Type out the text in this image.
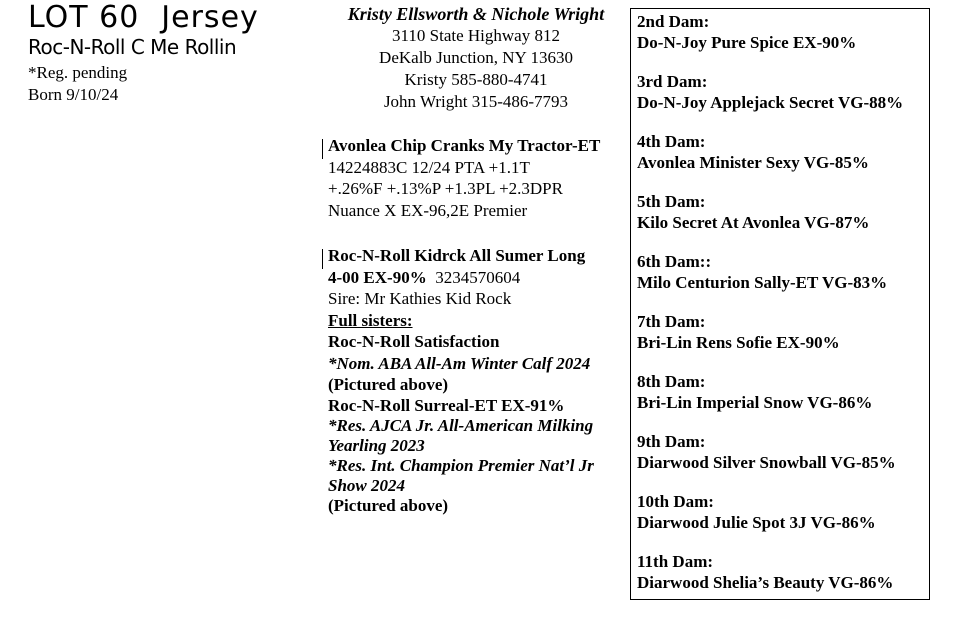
LOT 60 Jersey
Roc-N-Roll C Me Rollin
*Reg. pending
Born 9/10/24
Kristy Ellsworth & Nichole Wright
3110 State Highway 812
DeKalb Junction, NY 13630
Kristy 585-880-4741
John Wright 315-486-7793
Avonlea Chip Cranks My Tractor-ET
14224883C 12/24 PTA +1.1T
+.26%F +.13%P +1.3PL +2.3DPR
Nuance X EX-96,2E Premier
Roc-N-Roll Kidrck All Sumer Long
4-00 EX-90% 3234570604
Sire: Mr Kathies Kid Rock
Full sisters:
Roc-N-Roll Satisfaction
*Nom. ABA All-Am Winter Calf 2024
(Pictured above)
Roc-N-Roll Surreal-ET EX-91%
*Res. AJCA Jr. All-American Milking
Yearling 2023
*Res. Int. Champion Premier Nat’l Jr
Show 2024
(Pictured above)
2nd Dam:
Do-N-Joy Pure Spice EX-90%
3rd Dam:
Do-N-Joy Applejack Secret VG-88%
4th Dam:
Avonlea Minister Sexy VG-85%
5th Dam:
Kilo Secret At Avonlea VG-87%
6th Dam::
Milo Centurion Sally-ET VG-83%
7th Dam:
Bri-Lin Rens Sofie EX-90%
8th Dam:
Bri-Lin Imperial Snow VG-86%
9th Dam:
Diarwood Silver Snowball VG-85%
10th Dam:
Diarwood Julie Spot 3J VG-86%
11th Dam:
Diarwood Shelia’s Beauty VG-86%
